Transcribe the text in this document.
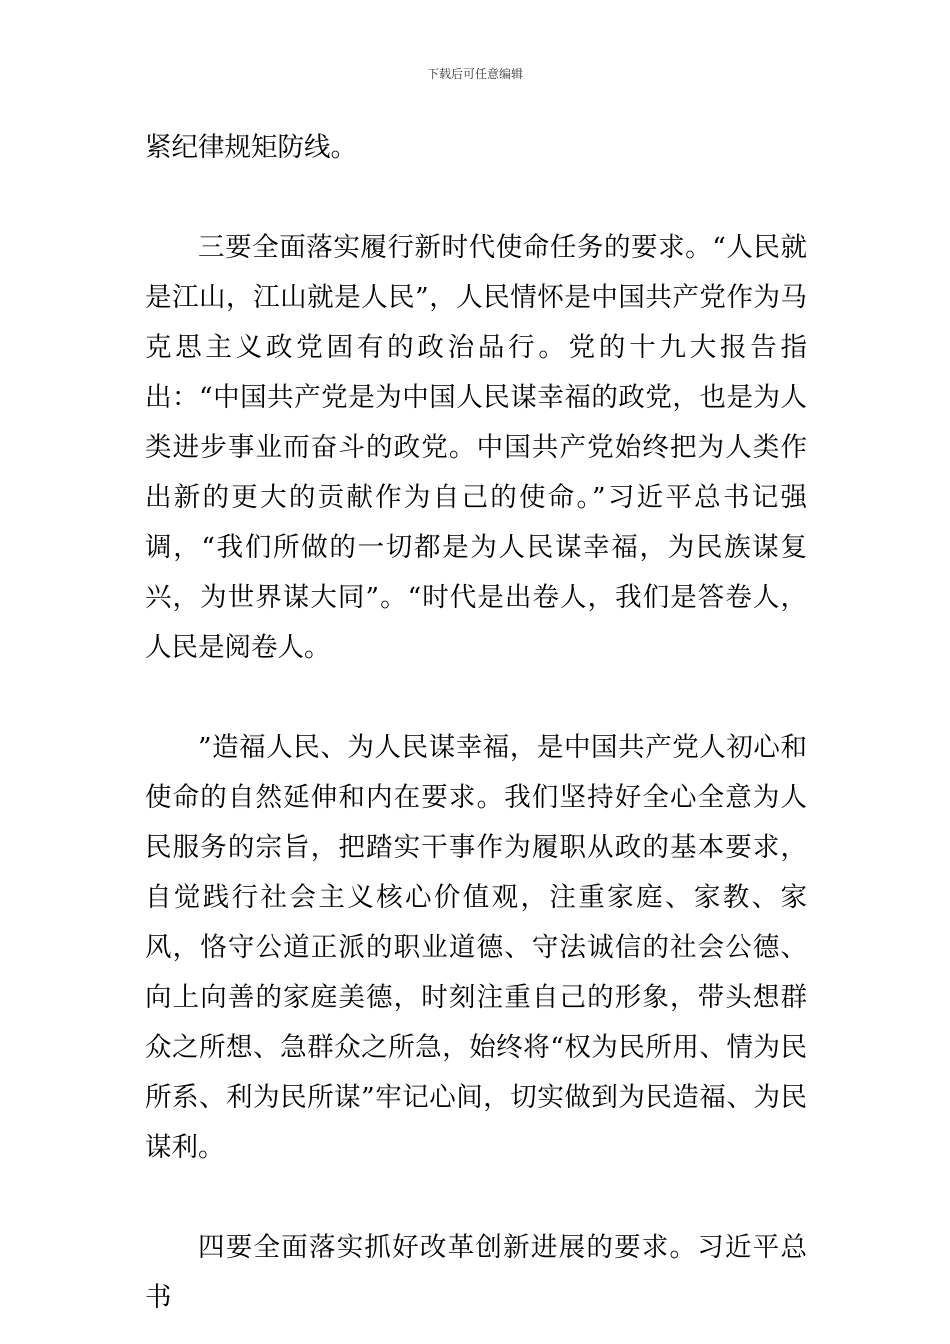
下载后可任意编辑

紧纪律规矩防线。

三要全面落实履行新时代使命任务的要求。“人民就是江山，江山就是人民”，人民情怀是中国共产党作为马克思主义政党固有的政治品行。党的十九大报告指出：“中国共产党是为中国人民谋幸福的政党，也是为人类进步事业而奋斗的政党。中国共产党始终把为人类作出新的更大的贡献作为自己的使命。”习近平总书记强调，“我们所做的一切都是为人民谋幸福，为民族谋复兴，为世界谋大同”。“时代是出卷人，我们是答卷人，人民是阅卷人。

”造福人民、为人民谋幸福，是中国共产党人初心和使命的自然延伸和内在要求。我们坚持好全心全意为人民服务的宗旨，把踏实干事作为履职从政的基本要求，自觉践行社会主义核心价值观，注重家庭、家教、家风，恪守公道正派的职业道德、守法诚信的社会公德、向上向善的家庭美德，时刻注重自己的形象，带头想群众之所想、急群众之所急，始终将“权为民所用、情为民所系、利为民所谋”牢记心间，切实做到为民造福、为民谋利。

四要全面落实抓好改革创新进展的要求。习近平总书
